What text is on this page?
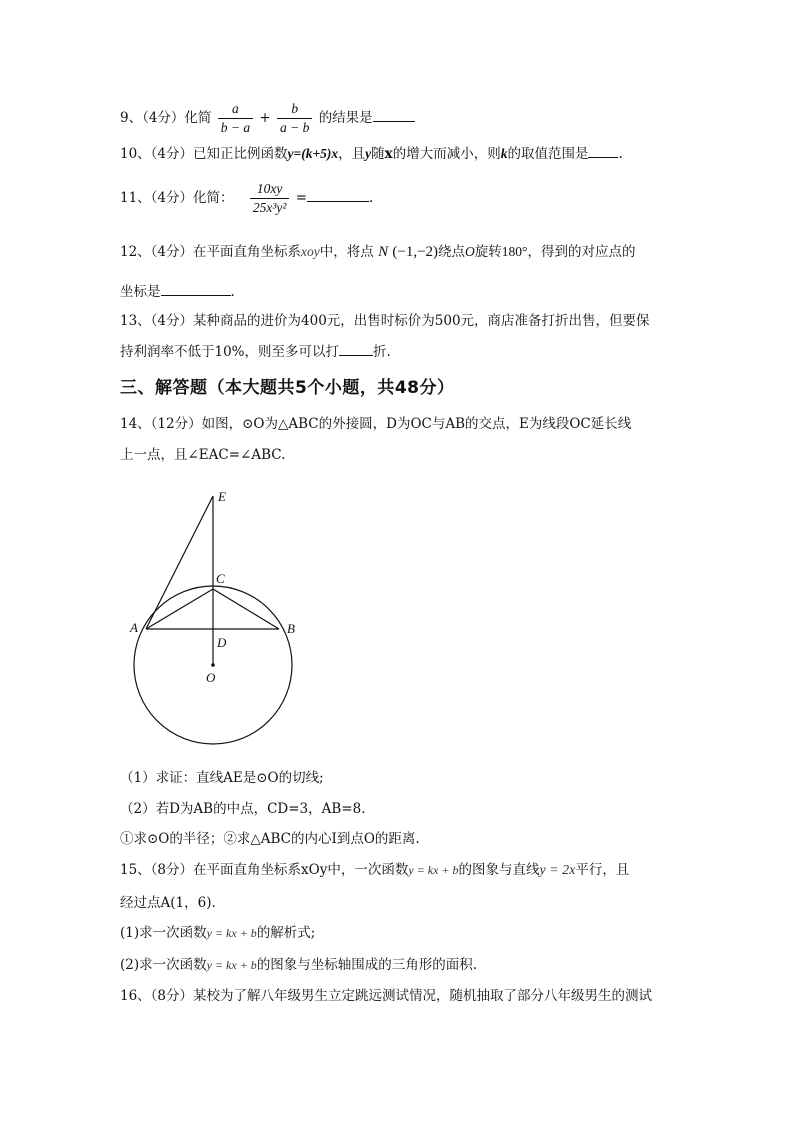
9、（4分）化简 $\frac{a}{b - a} + \frac{b}{a - b}$ 的结果是
10、（4分）已知正比例函数y=(k+5)x，且y随x的增大而减小，则k的取值范围是 .
11、（4分）化简： $\frac{10xy}{\text{25x³y²}}$ =	.
12、（4分）在平面直角坐标系xoy中，将点 N (−1,−2)绕点O旋转180°，得到的对应点的
坐标是	.
13、（4分）某种商品的进价为400元，出售时标价为500元，商店准备打折出售，但要保
持利润率不低于10%，则至多可以打	折.
三、解答题（本大题共5个小题，共48分）
14、（12分）如图，⊙O为△ABC的外接圆，D为OC与AB的交点，E为线段OC延长线
上一点，且∠EAC=∠ABC.
E
C
A	B
D
O
（1）求证：直线AE是⊙O的切线;
（2）若D为AB的中点，CD=3，AB=8.
①求⊙O的半径；②求△ABC的内心I到点O的距离.
15、（8分）在平面直角坐标系xOy中，一次函数y = kx + b的图象与直线y = 2x平行，且
经过点A(1，6).
(1)求一次函数y = kx + b的解析式;
(2)求一次函数y = kx + b的图象与坐标轴围成的三角形的面积.
16、（8分）某校为了解八年级男生立定跳远测试情况，随机抽取了部分八年级男生的测试
